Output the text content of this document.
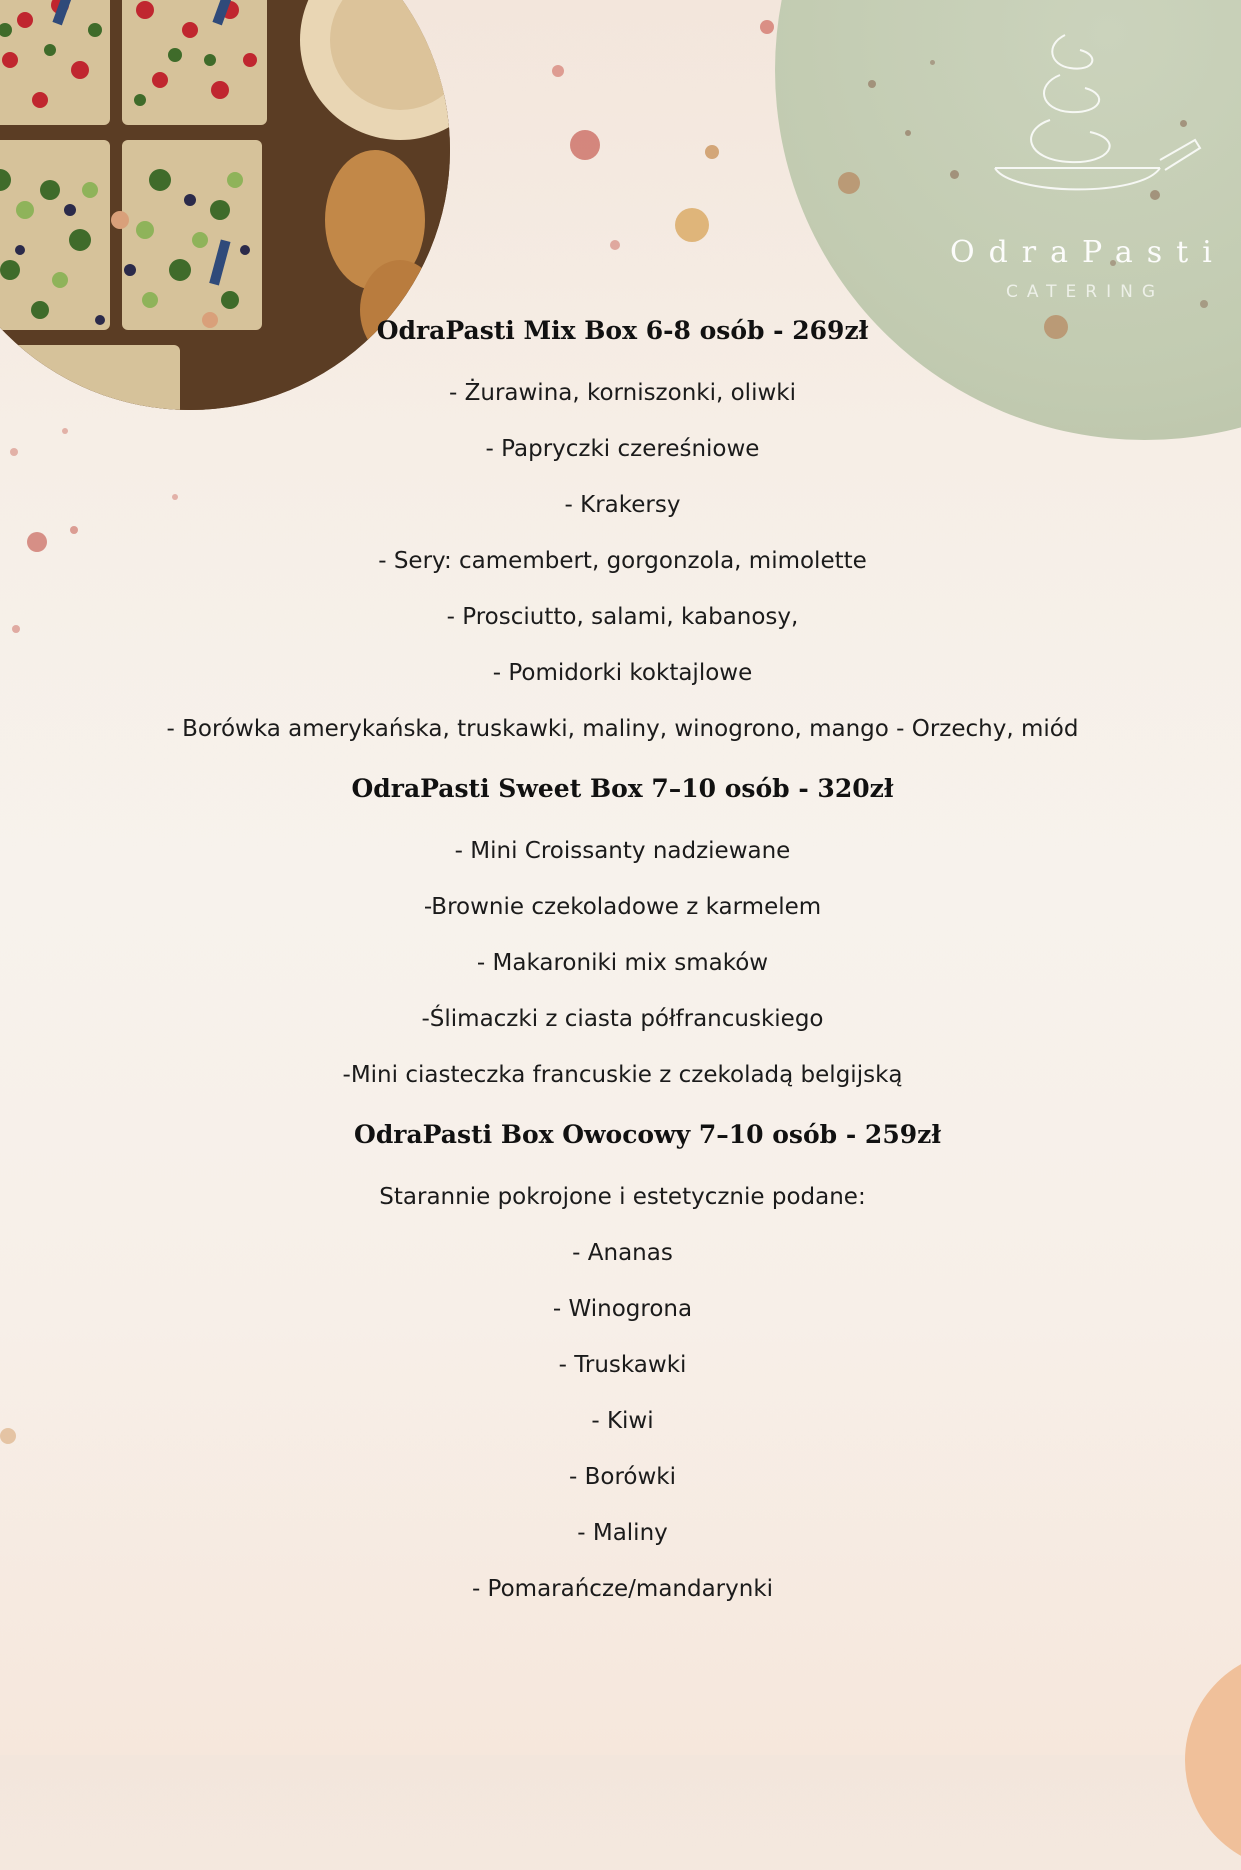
OdraPasti
CATERING
OdraPasti Mix Box 6-8 osób - 269zł
- Żurawina, korniszonki, oliwki
- Papryczki czereśniowe
- Krakersy
- Sery: camembert, gorgonzola, mimolette
- Prosciutto, salami, kabanosy,
- Pomidorki koktajlowe
- Borówka amerykańska, truskawki, maliny, winogrono, mango - Orzechy, miód
OdraPasti Sweet Box 7–10 osób - 320zł
- Mini Croissanty nadziewane
-Brownie czekoladowe z karmelem
- Makaroniki mix smaków
-Ślimaczki z ciasta półfrancuskiego
-Mini ciasteczka francuskie z czekoladą belgijską
OdraPasti Box Owocowy 7–10 osób - 259zł
Starannie pokrojone i estetycznie podane:
- Ananas
- Winogrona
- Truskawki
- Kiwi
- Borówki
- Maliny
- Pomarańcze/mandarynki
